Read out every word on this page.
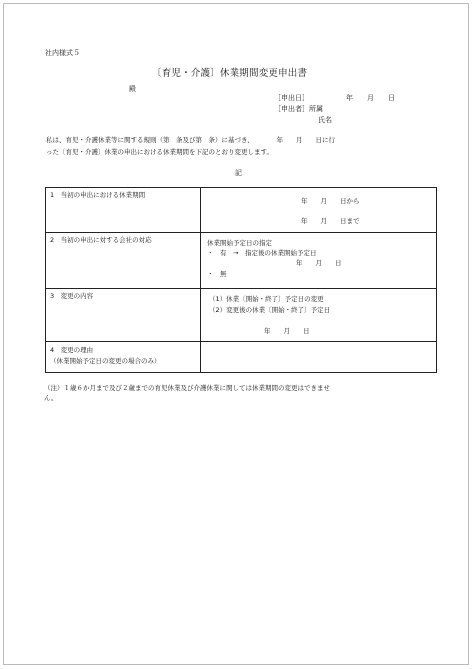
社内様式５
〔育児・介護〕休業期間変更申出書
殿
［申出日］	年　　月　　日
［申出者］所属
氏名
私は、育児・介護休業等に関する規則（第　条及び第　条）に基づき、　　　　年　　月　　日に行
った〔育児・介護〕休業の申出における休業期間を下記のとおり変更します。
記
1　当初の申出における休業期間	年　　月　　日から
年　　月　　日まで

2　当初の申出に対する会社の対応	休業開始予定日の指定
・　有　→　指定後の休業開始予定日
年　　月　　日
・　無

3　変更の内容	（1）休業〔開始・終了〕予定日の変更
（2）変更後の休業〔開始・終了〕予定日
年　　月　　日

4　変更の理由
（休業開始予定日の変更の場合のみ）	

（注）１歳６か月まで及び２歳までの育児休業及び介護休業に関しては休業期間の変更はできませ
ん。
